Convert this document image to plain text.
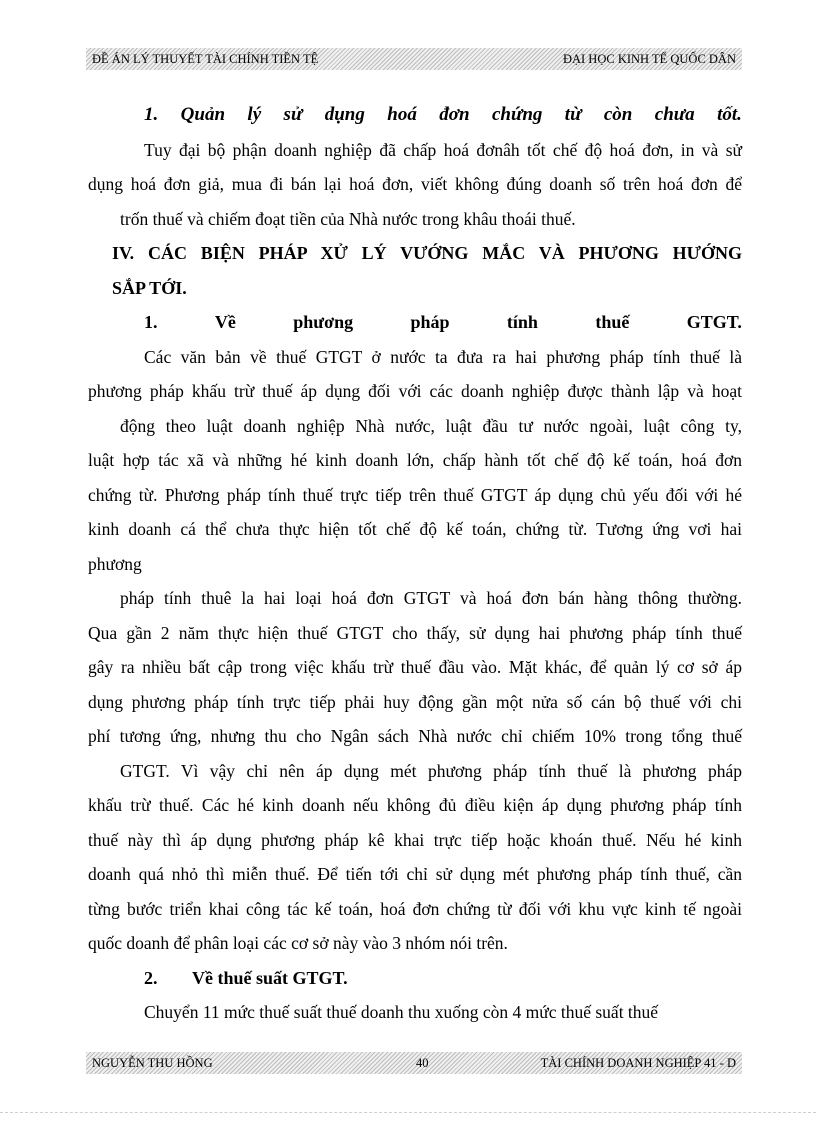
ĐỀ ÁN LÝ THUYẾT TÀI CHÍNH TIỀN TỆ	ĐẠI HỌC KINH TẾ QUỐC DÂN

1. Quản lý sử dụng hoá đơn chứng từ còn chưa tốt.

Tuy đại bộ phận doanh nghiệp đã chấp hoá đơnâh tốt chế độ hoá đơn, in và sử

dụng hoá đơn giả, mua đi bán lại hoá đơn, viết không đúng doanh số trên hoá đơn để

trốn thuế và chiếm đoạt tiền của Nhà nước trong khâu thoái thuế.

IV. CÁC BIỆN PHÁP XỬ LÝ VƯỚNG MẮC VÀ PHƯƠNG HƯỚNG

SẮP TỚI.

1.	Về	phương	pháp	tính	thuế	GTGT.

Các văn bản về thuế GTGT ở nước ta đưa ra hai phương pháp tính thuế là

phương pháp khấu trừ thuế áp dụng đối với các doanh nghiệp được thành lập và hoạt

động theo luật doanh nghiệp Nhà nước, luật đầu tư nước ngoài, luật công ty,

luật hợp tác xã và những hé kinh doanh lớn, chấp hành tốt chế độ kế toán, hoá đơn

chứng từ. Phương pháp tính thuế trực tiếp trên thuế GTGT áp dụng chủ yếu đối với hé

kinh doanh cá thể chưa thực hiện tốt chế độ kế toán, chứng từ. Tương ứng vơi hai

phương

pháp tính thuê la hai loại hoá đơn GTGT và hoá đơn bán hàng thông thường.

Qua gần 2 năm thực hiện thuế GTGT cho thấy, sử dụng hai phương pháp tính thuế

gây ra nhiều bất cập trong việc khấu trừ thuế đầu vào. Mặt khác, để quản lý cơ sở áp

dụng phương pháp tính trực tiếp phải huy động gần một nửa số cán bộ thuế với chi

phí tương ứng, nhưng thu cho Ngân sách Nhà nước chỉ chiếm 10% trong tổng thuế

GTGT. Vì vậy chỉ nên áp dụng mét phương pháp tính thuế là phương pháp

khấu trừ thuế. Các hé kinh doanh nếu không đủ điều kiện áp dụng phương pháp tính

thuế này thì áp dụng phương pháp kê khai trực tiếp hoặc khoán thuế. Nếu hé kinh

doanh quá nhỏ thì miễn thuế. Để tiến tới chỉ sử dụng mét phương pháp tính thuế, cần

từng bước triển khai công tác kế toán, hoá đơn chứng từ đối với khu vực kinh tế ngoài

quốc doanh để phân loại các cơ sở này vào 3 nhóm nói trên.

2. Về thuế suất GTGT.

Chuyển 11 mức thuế suất thuế doanh thu xuống còn 4 mức thuế suất thuế

NGUYỄN THU HỒNG	40	TÀI CHÍNH DOANH NGHIỆP 41 - D
